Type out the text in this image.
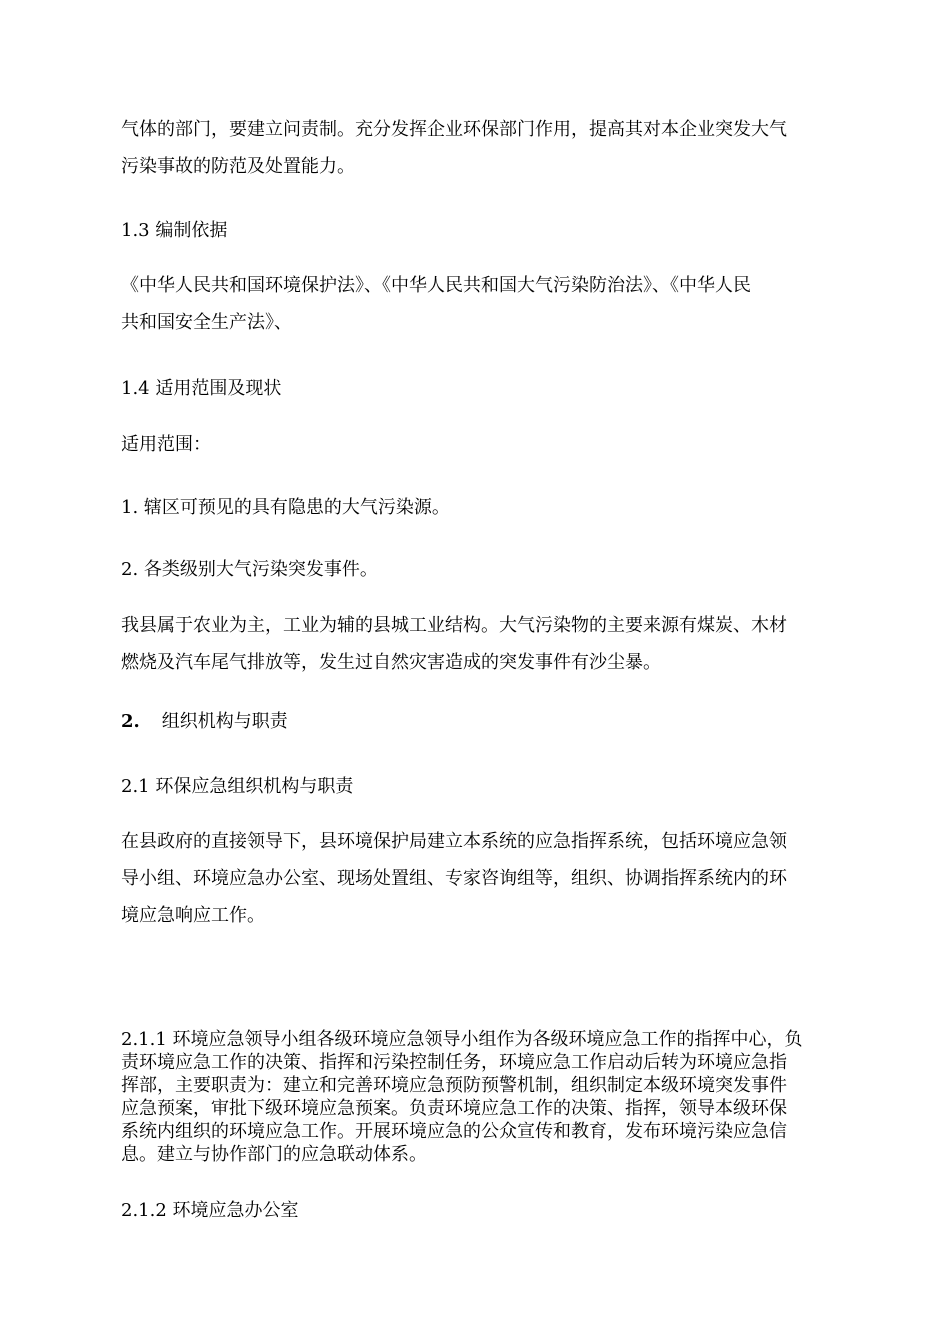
气体的部门，要建立问责制。充分发挥企业环保部门作用，提高其对本企业突发大气
污染事故的防范及处置能力。
1.3 编制依据
《中华人民共和国环境保护法》、《中华人民共和国大气污染防治法》、《中华人民
共和国安全生产法》、
1.4 适用范围及现状
适用范围：
1. 辖区可预见的具有隐患的大气污染源。
2. 各类级别大气污染突发事件。
我县属于农业为主，工业为辅的县城工业结构。大气污染物的主要来源有煤炭、木材
燃烧及汽车尾气排放等，发生过自然灾害造成的突发事件有沙尘暴。
2. 组织机构与职责
2.1 环保应急组织机构与职责
在县政府的直接领导下，县环境保护局建立本系统的应急指挥系统，包括环境应急领
导小组、环境应急办公室、现场处置组、专家咨询组等，组织、协调指挥系统内的环
境应急响应工作。
2.1.1 环境应急领导小组各级环境应急领导小组作为各级环境应急工作的指挥中心，负
责环境应急工作的决策、指挥和污染控制任务，环境应急工作启动后转为环境应急指
挥部，主要职责为：建立和完善环境应急预防预警机制，组织制定本级环境突发事件
应急预案，审批下级环境应急预案。负责环境应急工作的决策、指挥，领导本级环保
系统内组织的环境应急工作。开展环境应急的公众宣传和教育，发布环境污染应急信
息。建立与协作部门的应急联动体系。
2.1.2 环境应急办公室
